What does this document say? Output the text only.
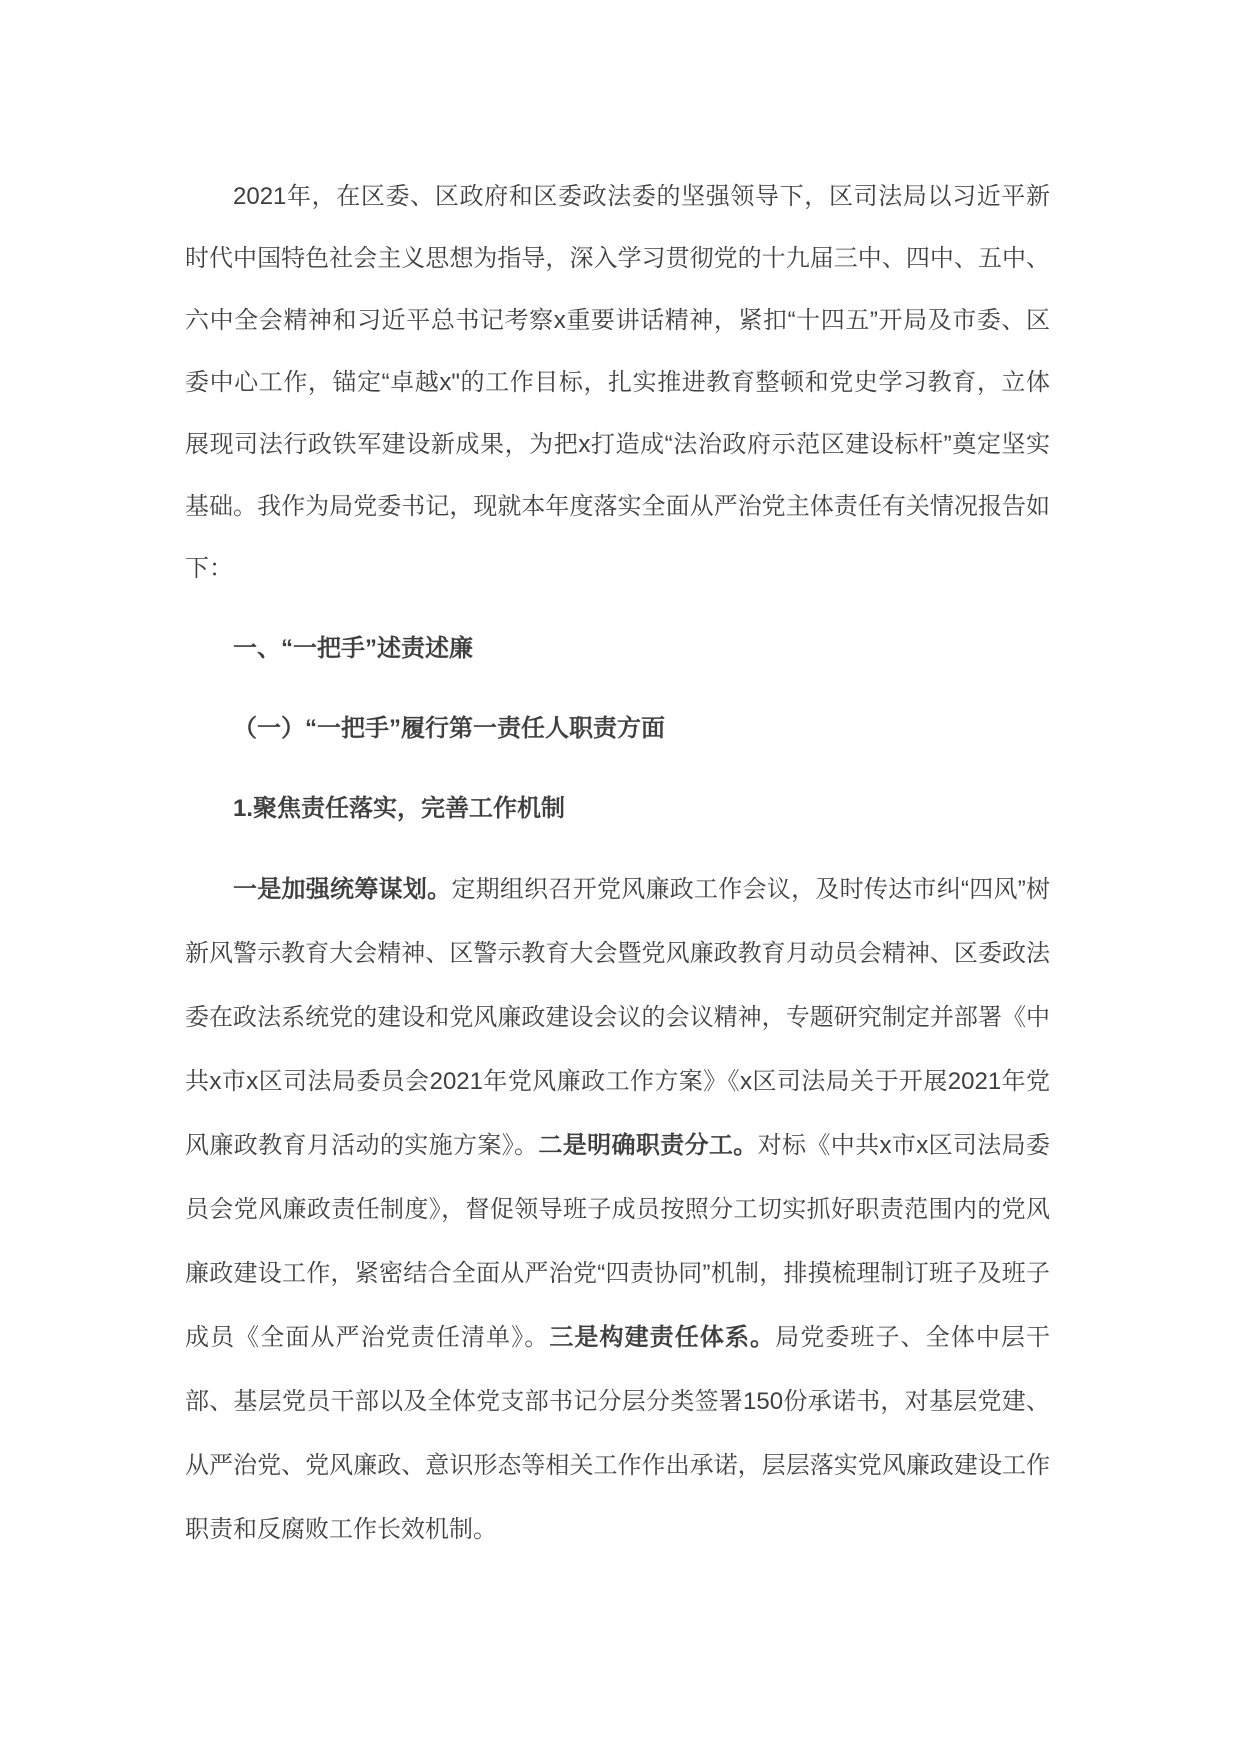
2021年，在区委、区政府和区委政法委的坚强领导下，区司法局以习近平新时代中国特色社会主义思想为指导，深入学习贯彻党的十九届三中、四中、五中、六中全会精神和习近平总书记考察x重要讲话精神，紧扣“十四五”开局及市委、区委中心工作，锚定“卓越x"的工作目标，扎实推进教育整顿和党史学习教育，立体展现司法行政铁军建设新成果，为把x打造成“法治政府示范区建设标杆”奠定坚实基础。我作为局党委书记，现就本年度落实全面从严治党主体责任有关情况报告如下：

一、“一把手”述责述廉

（一）“一把手”履行第一责任人职责方面

1.聚焦责任落实，完善工作机制

一是加强统筹谋划。定期组织召开党风廉政工作会议，及时传达市纠“四风”树新风警示教育大会精神、区警示教育大会暨党风廉政教育月动员会精神、区委政法委在政法系统党的建设和党风廉政建设会议的会议精神，专题研究制定并部署《中共x市x区司法局委员会2021年党风廉政工作方案》《x区司法局关于开展2021年党风廉政教育月活动的实施方案》。二是明确职责分工。对标《中共x市x区司法局委员会党风廉政责任制度》，督促领导班子成员按照分工切实抓好职责范围内的党风廉政建设工作，紧密结合全面从严治党“四责协同”机制，排摸梳理制订班子及班子成员《全面从严治党责任清单》。三是构建责任体系。局党委班子、全体中层干部、基层党员干部以及全体党支部书记分层分类签署150份承诺书，对基层党建、从严治党、党风廉政、意识形态等相关工作作出承诺，层层落实党风廉政建设工作职责和反腐败工作长效机制。
